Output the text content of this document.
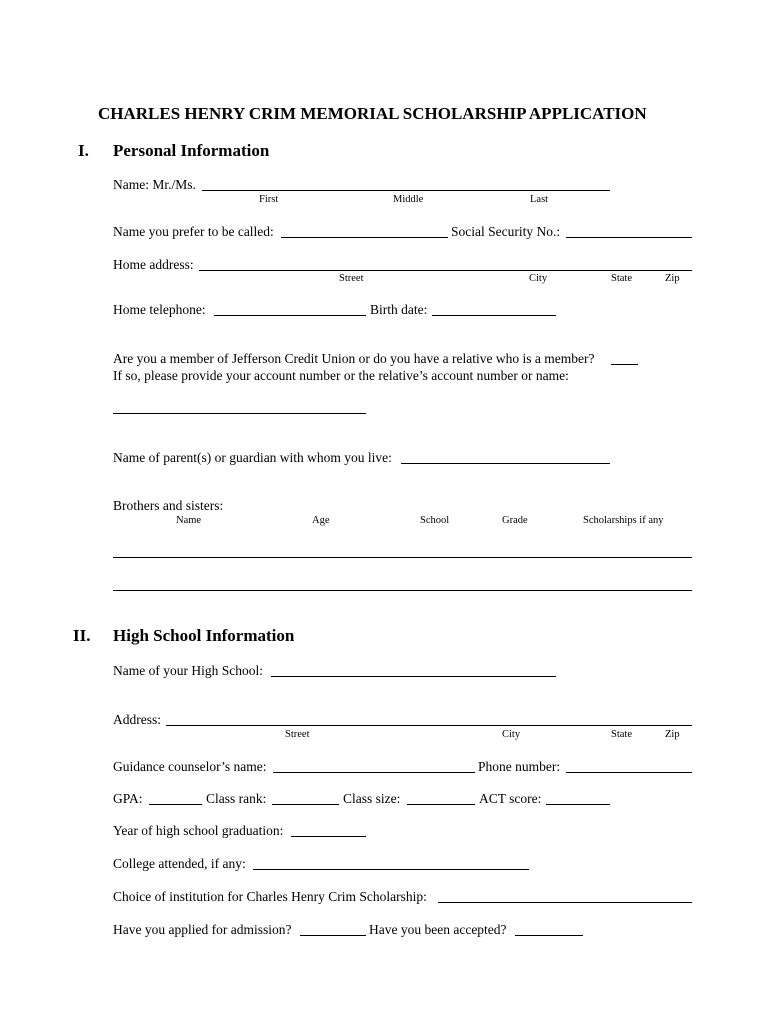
CHARLES HENRY CRIM MEMORIAL SCHOLARSHIP APPLICATION
I. Personal Information
Name: Mr./Ms.
First	Middle	Last
Name you prefer to be called:	Social Security No.:
Home address:
Street	City	State	Zip
Home telephone:	Birth date:
Are you a member of Jefferson Credit Union or do you have a relative who is a member?
If so, please provide your account number or the relative’s account number or name:
Name of parent(s) or guardian with whom you live:
Brothers and sisters:
Name	Age	School	Grade	Scholarships if any
II. High School Information
Name of your High School:
Address:
Street	City	State	Zip
Guidance counselor’s name:	Phone number:
GPA:	Class rank:	Class size:	ACT score:
Year of high school graduation:
College attended, if any:
Choice of institution for Charles Henry Crim Scholarship:
Have you applied for admission?	Have you been accepted?
